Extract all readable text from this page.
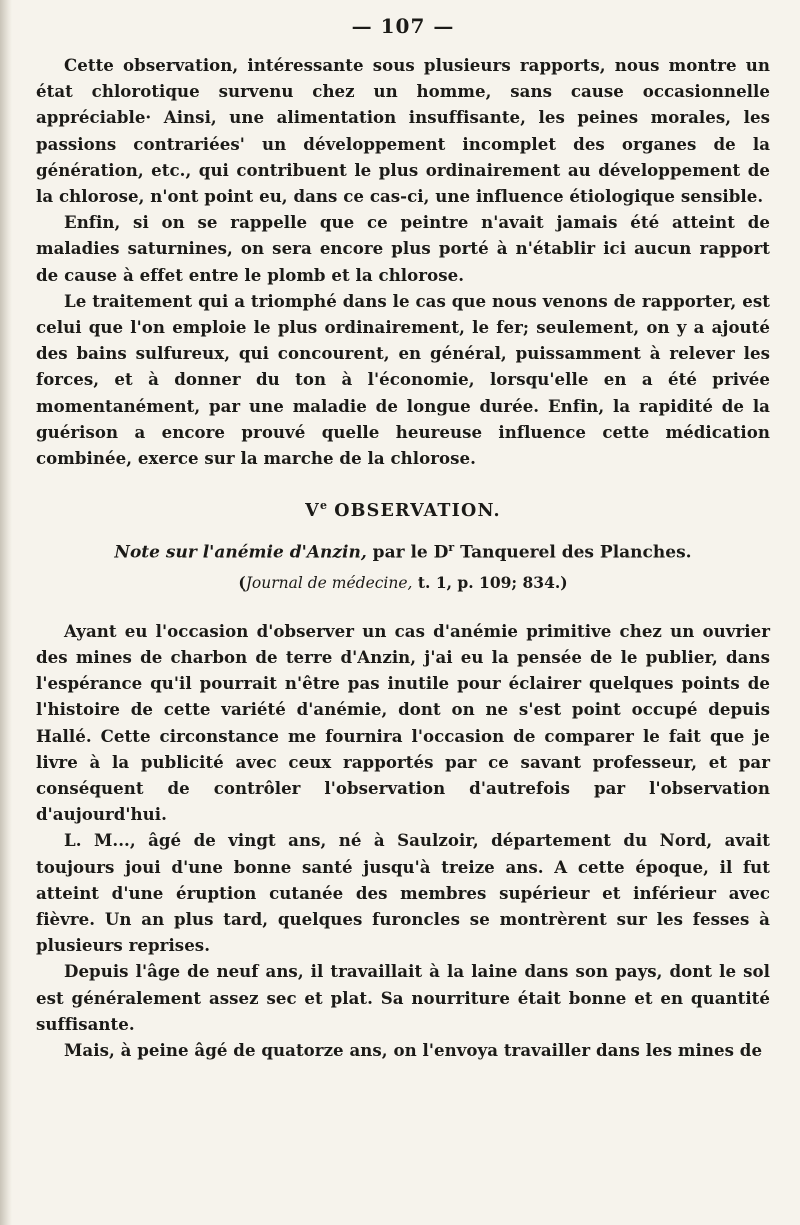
— 107 —

Cette observation, intéressante sous plusieurs rapports, nous montre un état chlorotique survenu chez un homme, sans cause occasionnelle appréciable· Ainsi, une alimentation insuffisante, les peines morales, les passions contrariées' un développement incomplet des organes de la génération, etc., qui contribuent le plus ordinairement au développement de la chlorose, n'ont point eu, dans ce cas-ci, une influence étiologique sensible.

Enfin, si on se rappelle que ce peintre n'avait jamais été atteint de maladies saturnines, on sera encore plus porté à n'établir ici aucun rapport de cause à effet entre le plomb et la chlorose.

Le traitement qui a triomphé dans le cas que nous venons de rapporter, est celui que l'on emploie le plus ordinairement, le fer; seulement, on y a ajouté des bains sulfureux, qui concourent, en général, puissamment à relever les forces, et à donner du ton à l'économie, lorsqu'elle en a été privée momentanément, par une maladie de longue durée. Enfin, la rapidité de la guérison a encore prouvé quelle heureuse influence cette médication combinée, exerce sur la marche de la chlorose.

Ve OBSERVATION.
Note sur l'anémie d'Anzin, par le $D^r$ Tanquerel des Planches.
(Journal de médecine, t. 1, p. 109; 834.)

Ayant eu l'occasion d'observer un cas d'anémie primitive chez un ouvrier des mines de charbon de terre d'Anzin, j'ai eu la pensée de le publier, dans l'espérance qu'il pourrait n'être pas inutile pour éclairer quelques points de l'histoire de cette variété d'anémie, dont on ne s'est point occupé depuis Hallé. Cette circonstance me fournira l'occasion de comparer le fait que je livre à la publicité avec ceux rapportés par ce savant professeur, et par conséquent de contrôler l'observation d'autrefois par l'observation d'aujourd'hui.

L. M..., âgé de vingt ans, né à Saulzoir, département du Nord, avait toujours joui d'une bonne santé jusqu'à treize ans. A cette époque, il fut atteint d'une éruption cutanée des membres supérieur et inférieur avec fièvre. Un an plus tard, quelques furoncles se montrèrent sur les fesses à plusieurs reprises.

Depuis l'âge de neuf ans, il travaillait à la laine dans son pays, dont le sol est généralement assez sec et plat. Sa nourriture était bonne et en quantité suffisante.

Mais, à peine âgé de quatorze ans, on l'envoya travailler dans les mines de
